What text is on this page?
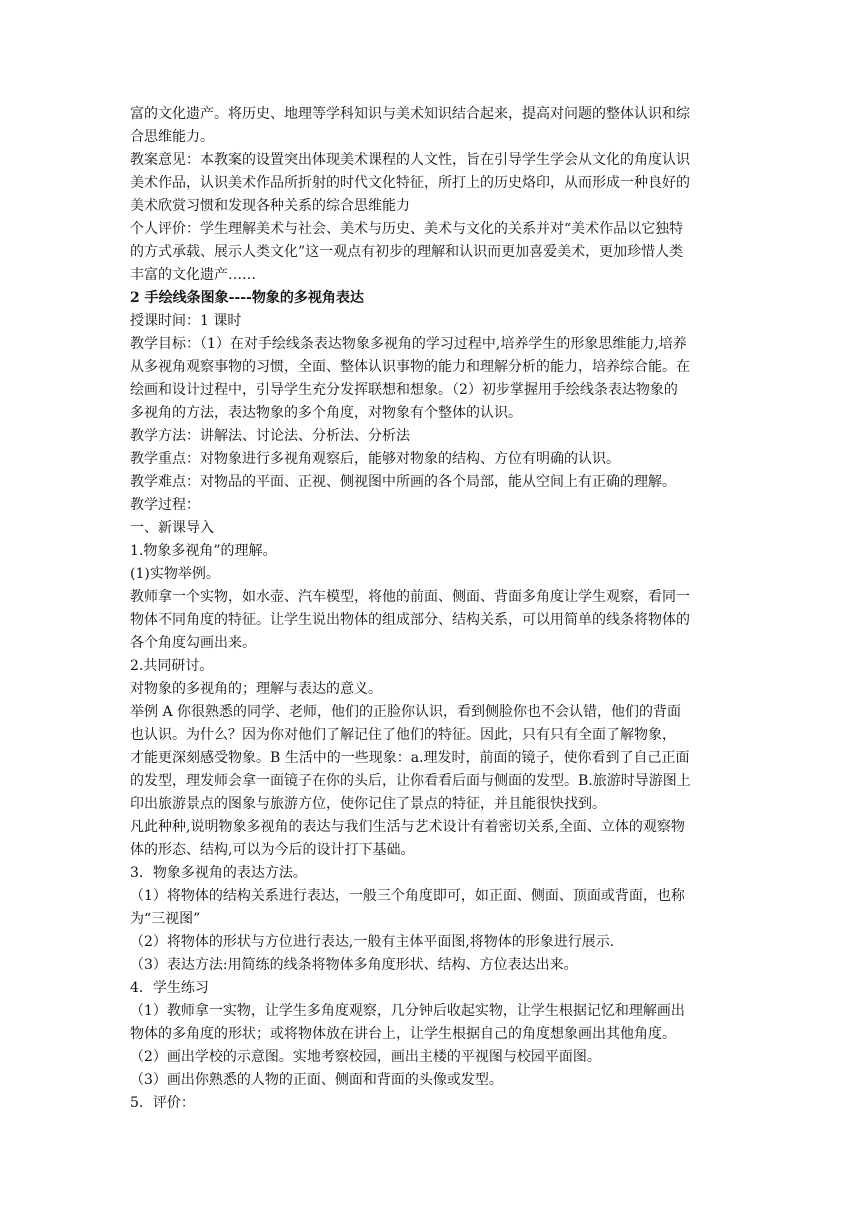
富的文化遗产。将历史、地理等学科知识与美术知识结合起来，提高对问题的整体认识和综

合思维能力。

教案意见：本教案的设置突出体现美术课程的人文性，旨在引导学生学会从文化的角度认识

美术作品，认识美术作品所折射的时代文化特征，所打上的历史烙印，从而形成一种良好的

美术欣赏习惯和发现各种关系的综合思维能力

个人评价：学生理解美术与社会、美术与历史、美术与文化的关系并对“美术作品以它独特

的方式承载、展示人类文化”这一观点有初步的理解和认识而更加喜爱美术，更加珍惜人类

丰富的文化遗产……

2 手绘线条图象----物象的多视角表达

授课时间：1 课时

教学目标：（1）在对手绘线条表达物象多视角的学习过程中,培养学生的形象思维能力,培养

从多视角观察事物的习惯，全面、整体认识事物的能力和理解分析的能力，培养综合能。在

绘画和设计过程中，引导学生充分发挥联想和想象。（2）初步掌握用手绘线条表达物象的

多视角的方法，表达物象的多个角度，对物象有个整体的认识。

教学方法：讲解法、讨论法、分析法、分析法

教学重点：对物象进行多视角观察后，能够对物象的结构、方位有明确的认识。

教学难点：对物品的平面、正视、侧视图中所画的各个局部，能从空间上有正确的理解。

教学过程：

一、新课导入

1.物象多视角”的理解。

(1)实物举例。

教师拿一个实物，如水壶、汽车模型，将他的前面、侧面、背面多角度让学生观察，看同一

物体不同角度的特征。让学生说出物体的组成部分、结构关系，可以用简单的线条将物体的

各个角度勾画出来。

2.共同研讨。

对物象的多视角的；理解与表达的意义。

举例 A 你很熟悉的同学、老师，他们的正脸你认识，看到侧脸你也不会认错，他们的背面

也认识。为什么？因为你对他们了解记住了他们的特征。因此，只有只有全面了解物象，

才能更深刻感受物象。B 生活中的一些现象：a.理发时，前面的镜子，使你看到了自己正面

的发型，理发师会拿一面镜子在你的头后，让你看看后面与侧面的发型。B.旅游时导游图上

印出旅游景点的图象与旅游方位，使你记住了景点的特征，并且能很快找到。

凡此种种,说明物象多视角的表达与我们生活与艺术设计有着密切关系,全面、立体的观察物

体的形态、结构,可以为今后的设计打下基础。

3．物象多视角的表达方法。

（1）将物体的结构关系进行表达，一般三个角度即可，如正面、侧面、顶面或背面，也称

为“三视图”

（2）将物体的形状与方位进行表达,一般有主体平面图,将物体的形象进行展示.

（3）表达方法:用简练的线条将物体多角度形状、结构、方位表达出来。

4．学生练习

（1）教师拿一实物，让学生多角度观察，几分钟后收起实物，让学生根据记忆和理解画出

物体的多角度的形状；或将物体放在讲台上，让学生根据自己的角度想象画出其他角度。

（2）画出学校的示意图。实地考察校园，画出主楼的平视图与校园平面图。

（3）画出你熟悉的人物的正面、侧面和背面的头像或发型。

5．评价：
